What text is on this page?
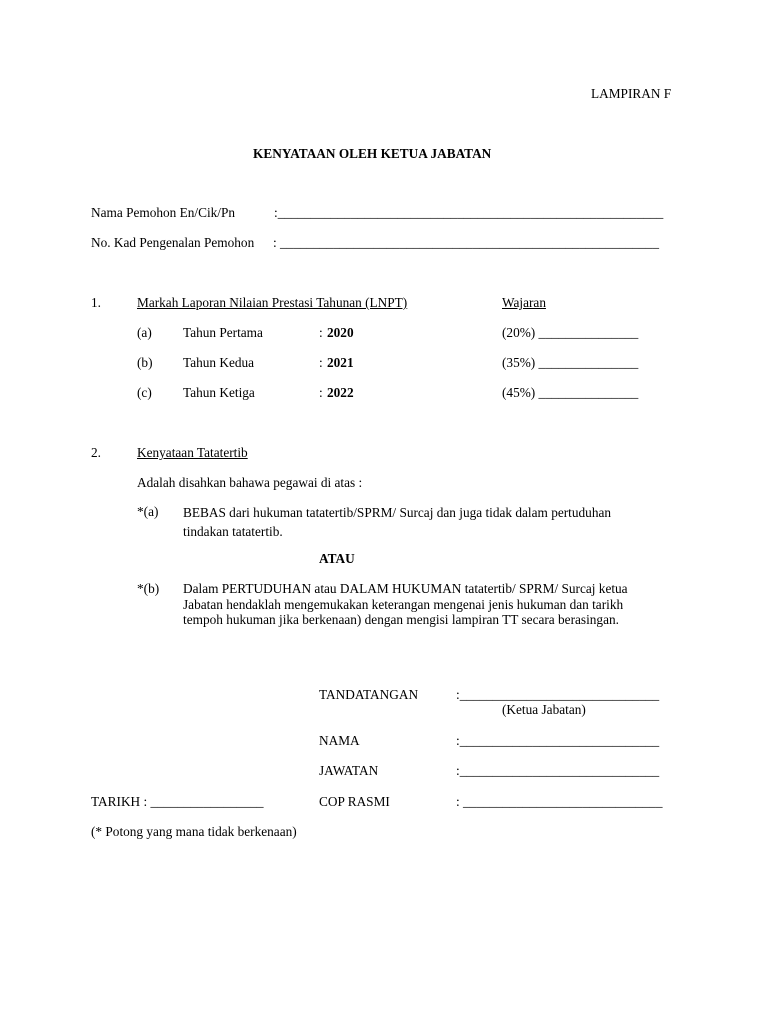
LAMPIRAN F
KENYATAAN OLEH KETUA JABATAN
Nama Pemohon En/Cik/Pn	:__________________________________________________________
No. Kad Pengenalan Pemohon : _________________________________________________________
1.	Markah Laporan Nilaian Prestasi Tahunan (LNPT)	Wajaran
(a) Tahun Pertama	: 2020	(20%) _______________
(b) Tahun Kedua	: 2021	(35%) _______________
(c) Tahun Ketiga	: 2022	(45%) _______________
2.	Kenyataan Tatatertib
Adalah disahkan bahawa pegawai di atas :
*(a) BEBAS dari hukuman tatatertib/SPRM/ Surcaj dan juga tidak dalam pertuduhan tindakan tatatertib.
ATAU
*(b) Dalam PERTUDUHAN atau DALAM HUKUMAN tatatertib/ SPRM/ Surcaj ketua Jabatan hendaklah mengemukakan keterangan mengenai jenis hukuman dan tarikh tempoh hukuman jika berkenaan) dengan mengisi lampiran TT secara berasingan.
TANDATANGAN	:______________________________
(Ketua Jabatan)
NAMA	:______________________________
JAWATAN	:______________________________
TARIKH : _________________	COP RASMI	: ______________________________
(* Potong yang mana tidak berkenaan)
